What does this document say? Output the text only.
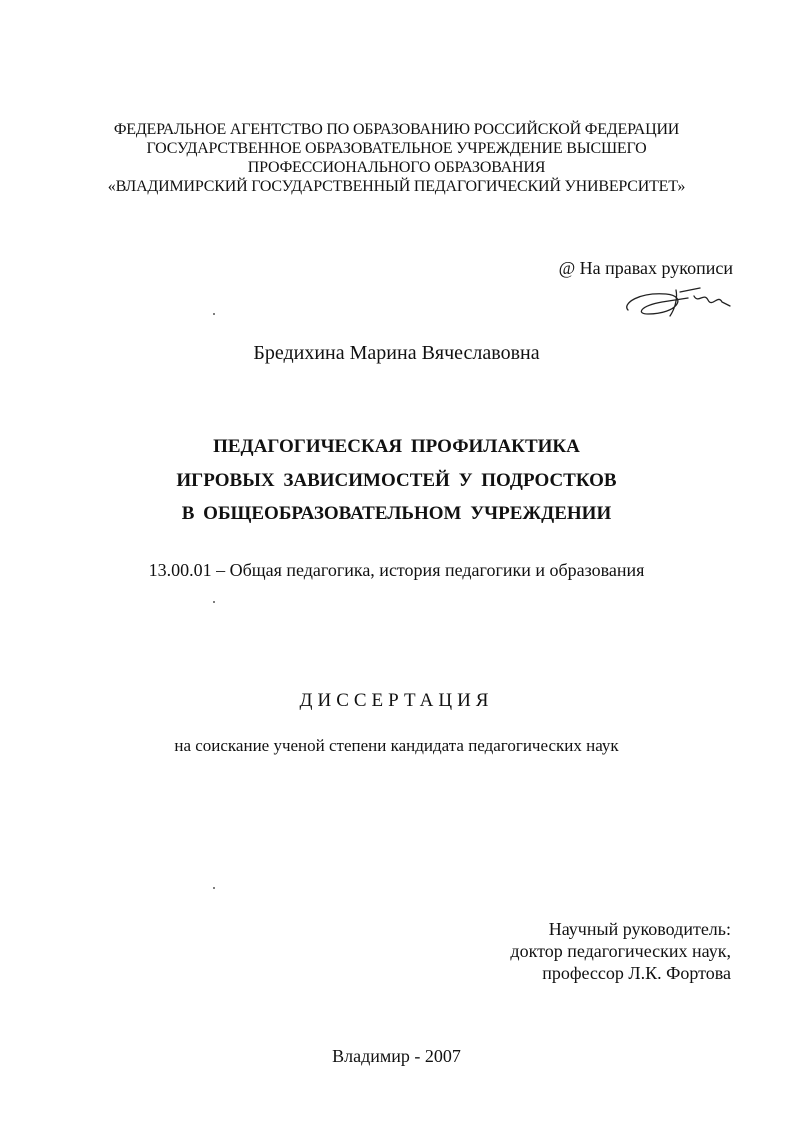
ФЕДЕРАЛЬНОЕ АГЕНТСТВО ПО ОБРАЗОВАНИЮ РОССИЙСКОЙ ФЕДЕРАЦИИ
ГОСУДАРСТВЕННОЕ ОБРАЗОВАТЕЛЬНОЕ УЧРЕЖДЕНИЕ ВЫСШЕГО
ПРОФЕССИОНАЛЬНОГО ОБРАЗОВАНИЯ
«ВЛАДИМИРСКИЙ ГОСУДАРСТВЕННЫЙ ПЕДАГОГИЧЕСКИЙ УНИВЕРСИТЕТ»
@ На правах рукописи
Бредихина Марина Вячеславовна
ПЕДАГОГИЧЕСКАЯ ПРОФИЛАКТИКА
ИГРОВЫХ ЗАВИСИМОСТЕЙ У ПОДРОСТКОВ
В ОБЩЕОБРАЗОВАТЕЛЬНОМ УЧРЕЖДЕНИИ
13.00.01 – Общая педагогика, история педагогики и образования
ДИССЕРТАЦИЯ
на соискание ученой степени кандидата педагогических наук
Научный руководитель:
доктор педагогических наук,
профессор Л.К. Фортова
Владимир - 2007
